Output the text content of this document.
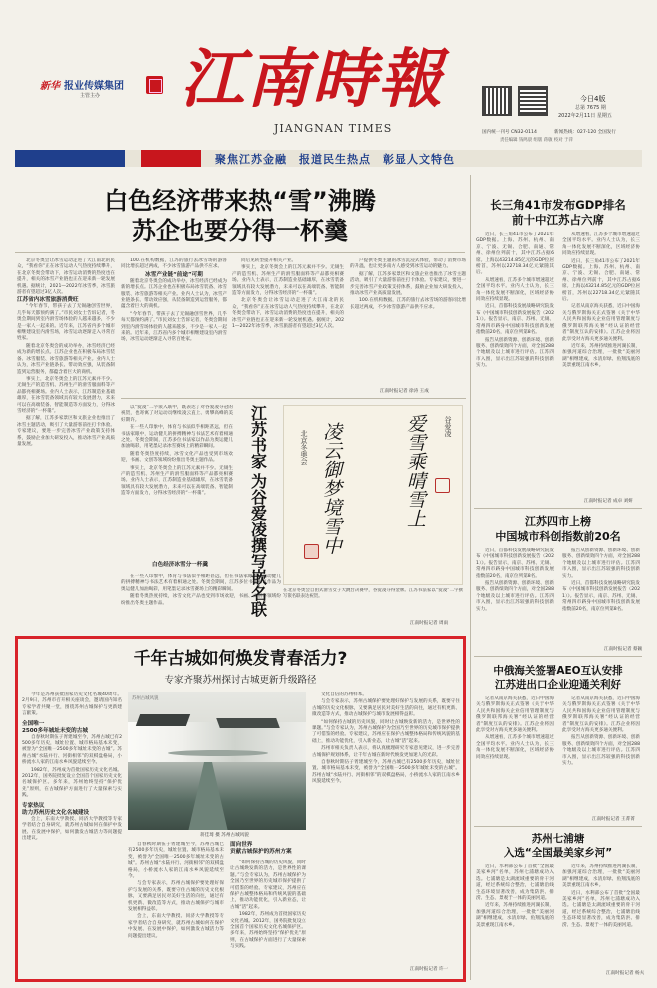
新华 报业传媒集团
主管主办 江南時報
JIANGNAN TIMES
今日4版
总第 7675 期
2022年2月11日 星期五
国内统一刊号 CN32-0114	新闻热线：027-120 全国发行
责任编辑 钱鸣晨 组版 蒋敏 校对 于萍
聚焦江苏金融　报道民生热点　彰显人文特色
白色经济带来热“雪”沸腾
苏企也要分得一杯羹

北京冬奥会让冰雪运动走进了大江南北的民众，“我看你”正在冰雪运动人气热度持续攀升，在北京冬奥会带动下，冰雪运动消费的热度也在提升，相关的冰雪产业链也正在迎来新一轮发展机遇。据统计，2021—2022年冰雪季，冰雪旅游者有望超过3亿人次。

江苏省内冰雪旅游消费旺

“今年春节，带孩子去了无锡融创雪世界，几乎每天都预约满了。”市民刘女士告诉记者，冬奥会期间到室内滑雪场体验的人越来越多，不少是一家人一起来的。近年来，江苏省内多个城市相继建设室内滑雪场，冰雪运动逐渐走入寻常百姓家。

随着北京冬奥会的成功举办，冰雪经济已经成为新的增长点。江苏企业也在积极布局冰雪装备、冰雪服装、冰雪旅游等相关产业。业内人士认为，冰雪产业链条长、带动效应强，从装备制造到运营服务，都蕴含着巨大的商机。

事实上，北京冬奥会上的江苏元素并不少。无锡生产的造雪机、苏州生产的滑雪服面料等产品都亮相赛场。业内人士表示，江苏制造业基础雄厚，在冰雪装备领域具有较大发展潜力，未来可以在高端装备、智能制造等方面发力，分得冰雪经济的“一杯羹”。

据了解，江苏多家景区和文旅企业也推出了冰雪主题活动，吸引了大量游客前往打卡体验。专家建议，要进一步完善冰雪产业政策支持体系，鼓励企业加大研发投入，推动冰雪产业高质量发展。

100.在机构数据，江苏的旅行去冰雪场的游客同比增长超过两成，不少冰雪旅游产品供不应求。

冰雪产业链“前途”可期

随着北京冬奥会的成功举办，冰雪经济已经成为新的增长点。江苏企业也在积极布局冰雪装备、冰雪服装、冰雪旅游等相关产业。业内人士认为，冰雪产业链条长、带动效应强，从装备制造到运营服务，都蕴含着巨大的商机。

“今年春节，带孩子去了无锡融创雪世界，几乎每天都预约满了。”市民刘女士告诉记者，冬奥会期间到室内滑雪场体验的人越来越多，不少是一家人一起来的。近年来，江苏省内多个城市相继建设室内滑雪场，冰雪运动逐渐走入寻常百姓家。

同后见转型提升相关产业。

事实上，北京冬奥会上的江苏元素并不少。无锡生产的造雪机、苏州生产的滑雪服面料等产品都亮相赛场。业内人士表示，江苏制造业基础雄厚，在冰雪装备领域具有较大发展潜力，未来可以在高端装备、智能制造等方面发力，分得冰雪经济的“一杯羹”。

北京冬奥会让冰雪运动走进了大江南北的民众，“我看你”正在冰雪运动人气热度持续攀升，在北京冬奥会带动下，冰雪运动消费的热度也在提升，相关的冰雪产业链也正在迎来新一轮发展机遇。据统计，2021—2022年冰雪季，冰雪旅游者有望超过3亿人次。

户提供冬奥主题的冰雪沉浸式体验，带动了消费市场的升温，也让更多南方人感受到冰雪运动的魅力。

据了解，江苏多家景区和文旅企业也推出了冰雪主题活动，吸引了大量游客前往打卡体验。专家建议，要进一步完善冰雪产业政策支持体系，鼓励企业加大研发投入，推动冰雪产业高质量发展。

100.在机构数据，江苏的旅行去冰雪场的游客同比增长超过两成，不少冰雪旅游产品供不应求。

江南时报记者 徐涛 王成
江苏书家
为谷爱凌撰写嵌名联
爱雪乘晴雪上
凌云御梦境雪中	谷爱凌
北京冬奥会
在北京冬奥会自由式滑雪女子大跳台决赛中，谷爱凌夺得金牌。江苏书法家以“爱凌”二字撰写嵌名联表达祝贺。

以“爱凌”二字嵌入联中，既表达了对谷爱凌夺冠的祝贺，也寄寓了对运动员继续凌云直上、勇攀高峰的美好期许。

在一些人印象中，体育与书法似乎相距甚远，但在书法家眼中，运动健儿的拼搏精神与书法艺术有着相通之处。冬奥会期间，江苏多位书法家以作品为奥运健儿加油喝彩，用笔墨记录冰雪赛场上的精彩瞬间。

随着冬奥热度持续，冰雪文化产品也受到市场欢迎，书画、文创等领域纷纷推出冬奥主题作品。

事实上，北京冬奥会上的江苏元素并不少。无锡生产的造雪机、苏州生产的滑雪服面料等产品都亮相赛场。业内人士表示，江苏制造业基础雄厚，在冰雪装备领域具有较大发展潜力，未来可以在高端装备、智能制造等方面发力，分得冰雪经济的“一杯羹”。

白色经济冰雪分一杯羹

在一些人印象中，体育与书法似乎相距甚远，但在书法家眼中，运动健儿的拼搏精神与书法艺术有着相通之处。冬奥会期间，江苏多位书法家以作品为奥运健儿加油喝彩，用笔墨记录冰雪赛场上的精彩瞬间。

随着冬奥热度持续，冰雪文化产品也受到市场欢迎，书画、文创等领域纷纷推出冬奥主题作品。

江南时报记者 周雨
千年古城如何焕发青春活力?
专家齐聚苏州探讨古城更新升级路径

今年是苏州获批国家历史文化名城40周年。2月9日，苏州市召开相关座谈会，邀请国内知名专家学者共聚一堂，围绕苏州古城保护与更新建言献策。

全国唯一
2500多年城址未变的古城

自春秋时期伍子胥建城至今，苏州古城已有2500多年历史，城址位置、城市格局基本未变，被誉为“全国唯一2500多年城址未变的古城”。苏州古城“水陆并行、河街相邻”的双棋盘格局，小桥流水人家的江南水乡风貌延续至今。

1982年，苏州成为首批国家历史文化名城。2012年，国务院批复设立全国首个国家历史文化名城保护区。多年来，苏州始终坚持“保护优先”原则，在古城保护方面进行了大量探索与实践。

专家热议
助力苏州历史文化名城建设

会上，东南大学教授、同济大学教授等专家学者结合自身研究，就苏州古城如何在保护中发展、在发展中保护，如何激发古城活力等问题提出建议。

苏州古城风貌
蒋佳琦 摄 苏州古城风貌
面向世界
贡献古城保护的苏州方案

自春秋时期伍子胥建城至今，苏州古城已有2500多年历史，城址位置、城市格局基本未变，被誉为“全国唯一2500多年城址未变的古城”。苏州古城“水陆并行、河街相邻”的双棋盘格局，小桥流水人家的江南水乡风貌延续至今。

与会专家表示，苏州古城保护要处理好保护与发展的关系，既要守住古城的历史文化根脉，又要满足居民对美好生活的向往，通过有机更新、微改造等方式，推动古城保护与城市发展相得益彰。

会上，东南大学教授、同济大学教授等专家学者结合自身研究，就苏州古城如何在保护中发展、在发展中保护，如何激发古城活力等问题提出建议。

“如何保持古城的历史风貌，同时让古城焕发新的活力，是世界性的课题。”与会专家认为，苏州古城保护为全国乃至世界的历史城市保护提供了可借鉴的经验。专家建议，苏州应在保护古城整体格局和传统风貌的基础上，推动功能优化，引入新业态，让古城“活”起来。

1982年，苏州成为首批国家历史文化名城。2012年，国务院批复设立全国首个国家历史文化名城保护区。多年来，苏州始终坚持“保护优先”原则，在古城保护方面进行了大量探索与实践。

文化自信的苏州样本。

与会专家表示，苏州古城保护要处理好保护与发展的关系，既要守住古城的历史文化根脉，又要满足居民对美好生活的向往，通过有机更新、微改造等方式，推动古城保护与城市发展相得益彰。

“如何保持古城的历史风貌，同时让古城焕发新的活力，是世界性的课题。”与会专家认为，苏州古城保护为全国乃至世界的历史城市保护提供了可借鉴的经验。专家建议，苏州应在保护古城整体格局和传统风貌的基础上，推动功能优化，引入新业态，让古城“活”起来。

苏州市相关负责人表示，将认真梳理研究专家意见建议，进一步完善古城保护规划体系，让千年古城在新时代焕发更加迷人的光彩。

自春秋时期伍子胥建城至今，苏州古城已有2500多年历史，城址位置、城市格局基本未变，被誉为“全国唯一2500多年城址未变的古城”。苏州古城“水陆并行、河街相邻”的双棋盘格局，小桥流水人家的江南水乡风貌延续至今。

江南时报记者 许一
长三角41市发布GDP排名
前十中江苏占六席

近日，长三角41市公布了2021年GDP数据。上海、苏州、杭州、南京、宁波、无锡、合肥、南通、常州、徐州位列前十，其中江苏占据6席。上海以43214.85亿元的GDP位居榜首，苏州以22718.34亿元紧随其后。

从增速看，江苏多个城市增速超过全国平均水平。业内人士认为，长三角一体化发展不断深化，区域经济协同效应持续显现。

近日，首都科技发展战略研究院发布《中国城市科技创新发展报告（2021）》。报告显示，南京、苏州、无锡、常州四市跻身中国城市科技创新发展指数前20名，南京位列第8名。

报告从创新资源、创新环境、创新服务、创新绩效四个方面，对全国288个地级及以上城市进行评估。江苏四市入围，显示出江苏较强的科技创新实力。

从增速看，江苏多个城市增速超过全国平均水平。业内人士认为，长三角一体化发展不断深化，区域经济协同效应持续显现。

近日，长三角41市公布了2021年GDP数据。上海、苏州、杭州、南京、宁波、无锡、合肥、南通、常州、徐州位列前十，其中江苏占据6席。上海以43214.85亿元的GDP位居榜首，苏州以22718.34亿元紧随其后。

记者从南京海关获悉，近日中国海关与俄罗斯海关正式签署《关于中华人民共和国海关企业信用管理制度与俄罗斯联邦海关署“经认证的经营者”制度互认的安排》。江苏企业将因此享受对方海关更多通关便利。

近年来，苏州持续推进河湖长制，加强河道综合治理，一批批“美丽河湖”相继建成，水清岸绿、鱼翔浅底的美景重现江南水乡。

江南时报记者 成卓 刘妍
江苏四市上榜
中国城市科创指数前20名

近日，首都科技发展战略研究院发布《中国城市科技创新发展报告（2021）》。报告显示，南京、苏州、无锡、常州四市跻身中国城市科技创新发展指数前20名，南京位列第8名。

报告从创新资源、创新环境、创新服务、创新绩效四个方面，对全国288个地级及以上城市进行评估。江苏四市入围，显示出江苏较强的科技创新实力。

报告从创新资源、创新环境、创新服务、创新绩效四个方面，对全国288个地级及以上城市进行评估。江苏四市入围，显示出江苏较强的科技创新实力。

近日，首都科技发展战略研究院发布《中国城市科技创新发展报告（2021）》。报告显示，南京、苏州、无锡、常州四市跻身中国城市科技创新发展指数前20名，南京位列第8名。

江南时报记者 蔡颖
中俄海关签署AEO互认安排
江苏进出口企业迎通关利好

记者从南京海关获悉，近日中国海关与俄罗斯海关正式签署《关于中华人民共和国海关企业信用管理制度与俄罗斯联邦海关署“经认证的经营者”制度互认的安排》。江苏企业将因此享受对方海关更多通关便利。

从增速看，江苏多个城市增速超过全国平均水平。业内人士认为，长三角一体化发展不断深化，区域经济协同效应持续显现。

记者从南京海关获悉，近日中国海关与俄罗斯海关正式签署《关于中华人民共和国海关企业信用管理制度与俄罗斯联邦海关署“经认证的经营者”制度互认的安排》。江苏企业将因此享受对方海关更多通关便利。

报告从创新资源、创新环境、创新服务、创新绩效四个方面，对全国288个地级及以上城市进行评估。江苏四市入围，显示出江苏较强的科技创新实力。

江南时报记者 王菁菁
苏州七浦塘
入选“全国最美家乡河”

近日，水利部公布了首批“全国最美家乡河”名单，苏州七浦塘成功入选。七浦塘是太湖流域重要的骨干河道，经过系统综合整治，七浦塘沿线生态环境显著改善，成为集防洪、排涝、生态、景观于一体的美丽河道。

近年来，苏州持续推进河湖长制，加强河道综合治理，一批批“美丽河湖”相继建成，水清岸绿、鱼翔浅底的美景重现江南水乡。

近年来，苏州持续推进河湖长制，加强河道综合治理，一批批“美丽河湖”相继建成，水清岸绿、鱼翔浅底的美景重现江南水乡。

近日，水利部公布了首批“全国最美家乡河”名单，苏州七浦塘成功入选。七浦塘是太湖流域重要的骨干河道，经过系统综合整治，七浦塘沿线生态环境显著改善，成为集防洪、排涝、生态、景观于一体的美丽河道。

江南时报记者 杨夫
